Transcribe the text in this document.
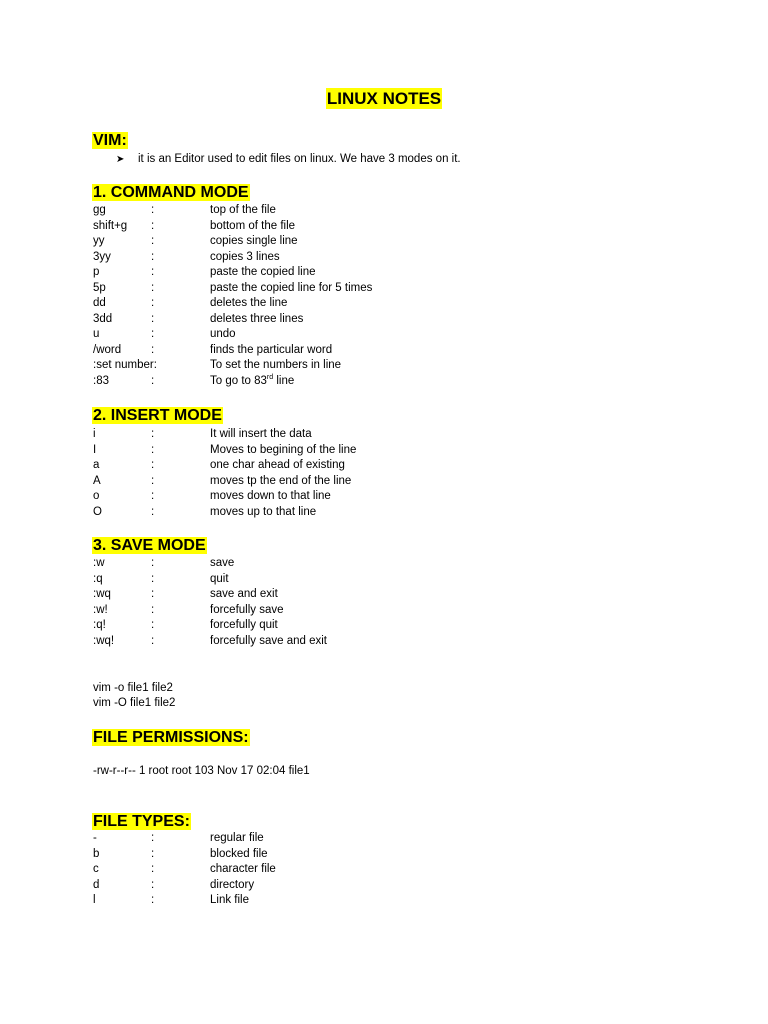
LINUX NOTES
VIM:
➤ it is an Editor used to edit files on linux. We have 3 modes on it.
1. COMMAND MODE
gg	:	top of the file
shift+g :	bottom of the file
yy	:	copies single line
3yy	:	copies 3 lines
p	:	paste the copied line
5p	:	paste the copied line for 5 times
dd	:	deletes the line
3dd	:	deletes three lines
u	:	undo
/word	:	finds the particular word
:set number:	To set the numbers in line
:83	:	To go to 83rd line
2. INSERT MODE
i	:	It will insert the data
I	:	Moves to begining of the line
a	:	one char ahead of existing
A	:	moves tp the end of the line
o	:	moves down to that line
O	:	moves up to that line
3. SAVE MODE
:w	:	save
:q	:	quit
:wq	:	save and exit
:w!	:	forcefully save
:q!	:	forcefully quit
:wq!	:	forcefully save and exit
vim -o file1 file2
vim -O file1 file2
FILE PERMISSIONS:
-rw-r--r-- 1 root root 103 Nov 17 02:04 file1
FILE TYPES:
-	:	regular file
b	:	blocked file
c	:	character file
d	:	directory
l	:	Link file
